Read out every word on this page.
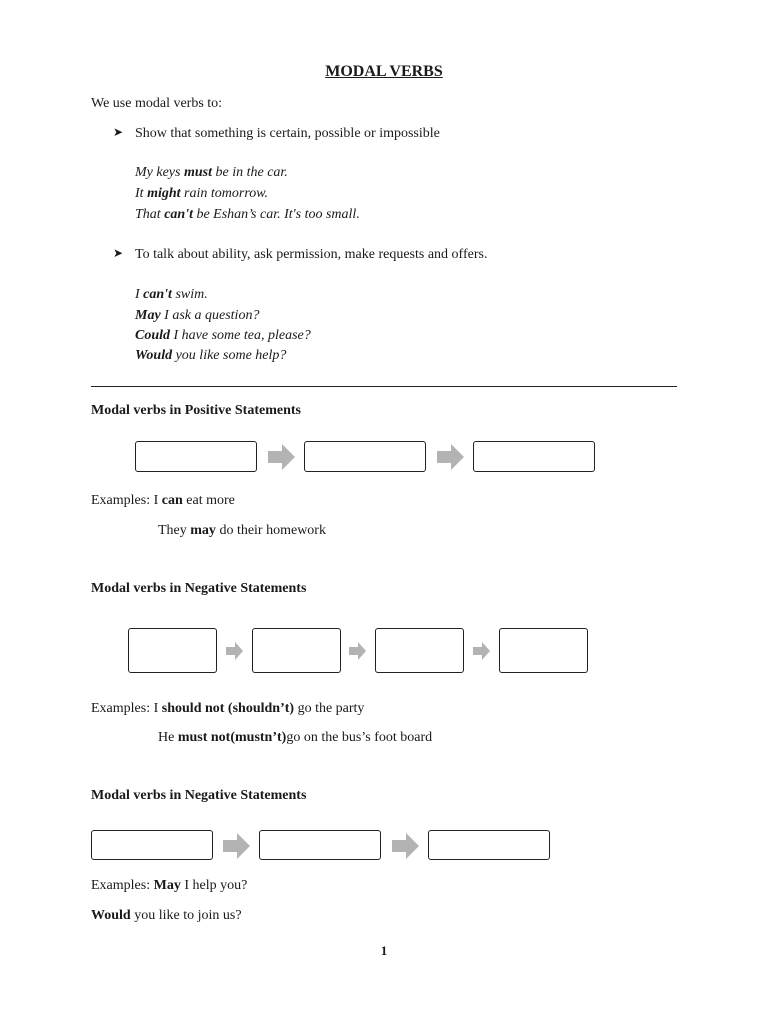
MODAL VERBS
We use modal verbs to:
➤ Show that something is certain, possible or impossible
My keys must be in the car.
It might rain tomorrow.
That can't be Eshan’s car. It's too small.
➤ To talk about ability, ask permission, make requests and offers.
I can't swim.
May I ask a question?
Could I have some tea, please?
Would you like some help?
Modal verbs in Positive Statements
Examples: I can eat more
They may do their homework
Modal verbs in Negative Statements
Examples: I should not (shouldn’t) go the party
He must not(mustn’t)go on the bus’s foot board
Modal verbs in Negative Statements
Examples: May I help you?
Would you like to join us?
1
